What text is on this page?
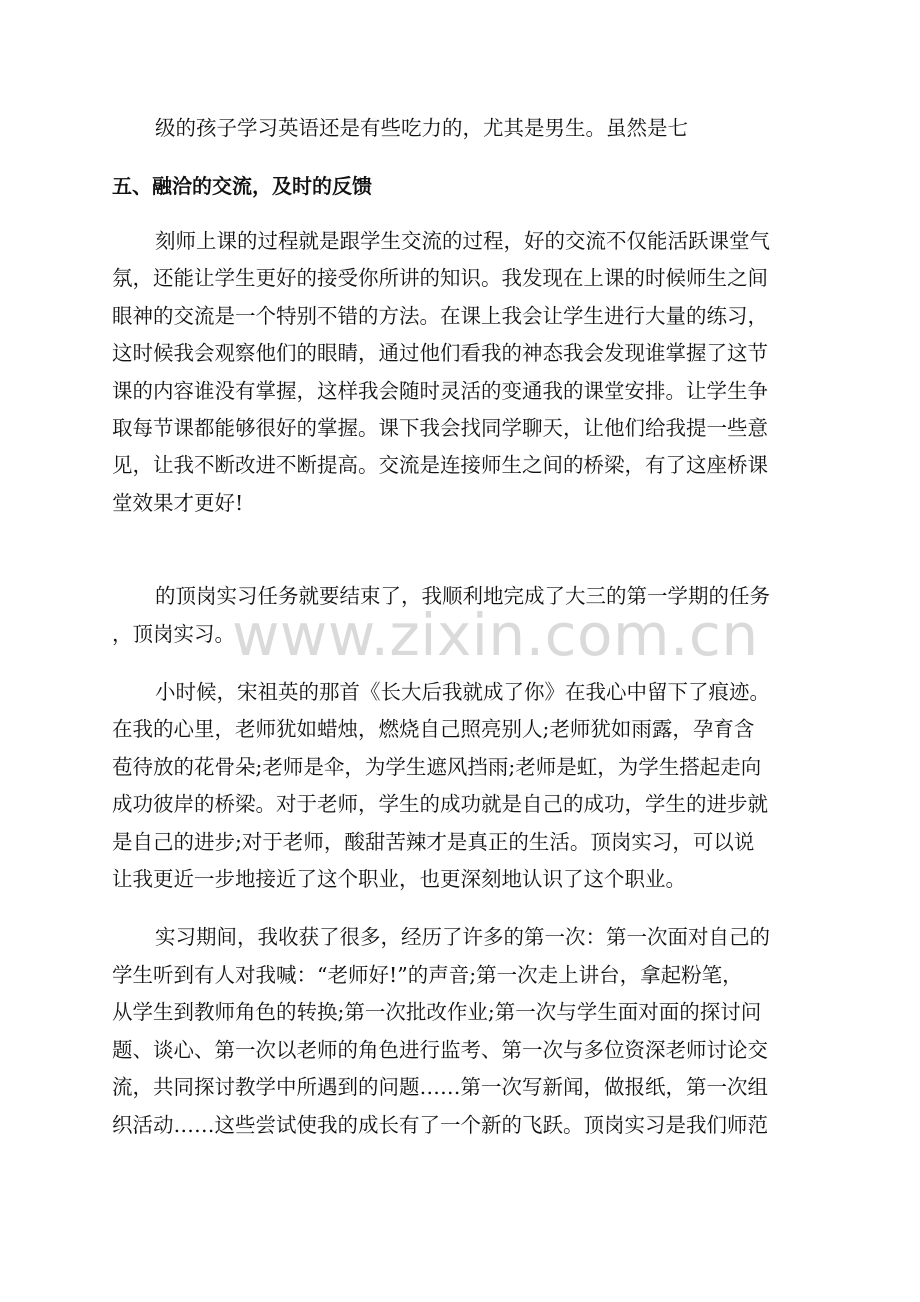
级的孩子学习英语还是有些吃力的，尤其是男生。虽然是七
五、融洽的交流，及时的反馈
刻师上课的过程就是跟学生交流的过程，好的交流不仅能活跃课堂气
氛，还能让学生更好的接受你所讲的知识。我发现在上课的时候师生之间
眼神的交流是一个特别不错的方法。在课上我会让学生进行大量的练习，
这时候我会观察他们的眼睛，通过他们看我的神态我会发现谁掌握了这节
课的内容谁没有掌握，这样我会随时灵活的变通我的课堂安排。让学生争
取每节课都能够很好的掌握。课下我会找同学聊天，让他们给我提一些意
见，让我不断改进不断提高。交流是连接师生之间的桥梁，有了这座桥课
堂效果才更好!
的顶岗实习任务就要结束了，我顺利地完成了大三的第一学期的任务
，顶岗实习。
小时候，宋祖英的那首《长大后我就成了你》在我心中留下了痕迹。
在我的心里，老师犹如蜡烛，燃烧自己照亮别人;老师犹如雨露，孕育含
苞待放的花骨朵;老师是伞，为学生遮风挡雨;老师是虹，为学生搭起走向
成功彼岸的桥梁。对于老师，学生的成功就是自己的成功，学生的进步就
是自己的进步;对于老师，酸甜苦辣才是真正的生活。顶岗实习，可以说
让我更近一步地接近了这个职业，也更深刻地认识了这个职业。
实习期间，我收获了很多，经历了许多的第一次：第一次面对自己的
学生听到有人对我喊：“老师好!”的声音;第一次走上讲台，拿起粉笔，
从学生到教师角色的转换;第一次批改作业;第一次与学生面对面的探讨问
题、谈心、第一次以老师的角色进行监考、第一次与多位资深老师讨论交
流，共同探讨教学中所遇到的问题……第一次写新闻，做报纸，第一次组
织活动……这些尝试使我的成长有了一个新的飞跃。顶岗实习是我们师范
www.zixin.com.cn
